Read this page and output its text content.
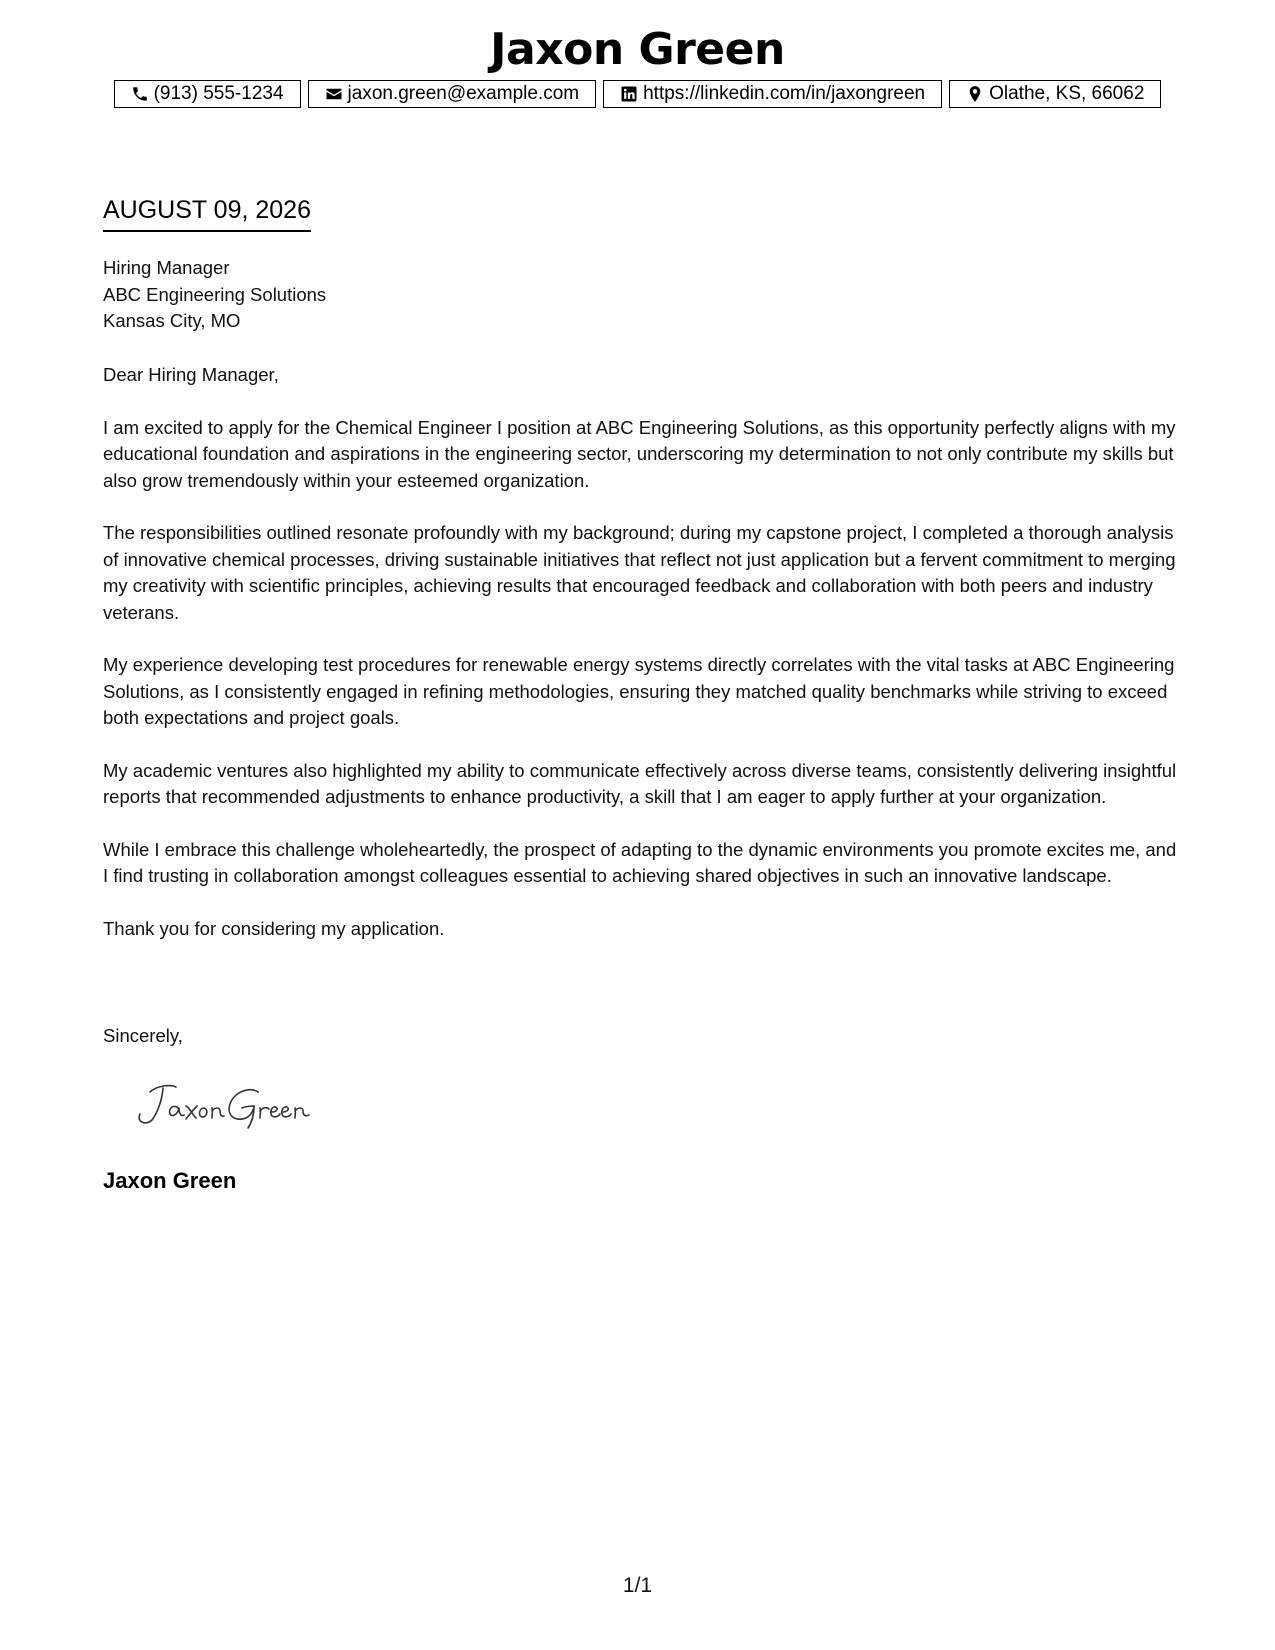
Jaxon Green
(913) 555-1234	jaxon.green@example.com	https://linkedin.com/in/jaxongreen	Olathe, KS, 66062
AUGUST 09, 2026
Hiring Manager
ABC Engineering Solutions
Kansas City, MO

Dear Hiring Manager,

I am excited to apply for the Chemical Engineer I position at ABC Engineering Solutions, as this opportunity perfectly aligns with my educational foundation and aspirations in the engineering sector, underscoring my determination to not only contribute my skills but also grow tremendously within your esteemed organization.

The responsibilities outlined resonate profoundly with my background; during my capstone project, I completed a thorough analysis of innovative chemical processes, driving sustainable initiatives that reflect not just application but a fervent commitment to merging my creativity with scientific principles, achieving results that encouraged feedback and collaboration with both peers and industry veterans.

My experience developing test procedures for renewable energy systems directly correlates with the vital tasks at ABC Engineering Solutions, as I consistently engaged in refining methodologies, ensuring they matched quality benchmarks while striving to exceed both expectations and project goals.

My academic ventures also highlighted my ability to communicate effectively across diverse teams, consistently delivering insightful reports that recommended adjustments to enhance productivity, a skill that I am eager to apply further at your organization.

While I embrace this challenge wholeheartedly, the prospect of adapting to the dynamic environments you promote excites me, and I find trusting in collaboration amongst colleagues essential to achieving shared objectives in such an innovative landscape.

Thank you for considering my application.

Sincerely,
Jaxon Green
1/1
